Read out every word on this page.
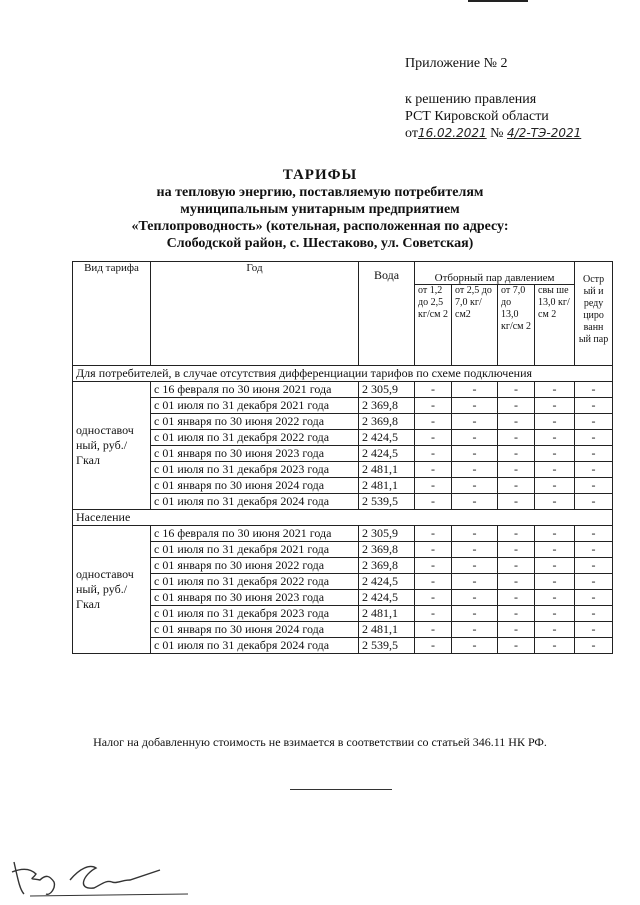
Приложение № 2
к решению правления
РСТ Кировской области
от16.02.2021 № 4/2-ТЭ-2021
ТАРИФЫ
на тепловую энергию, поставляемую потребителям
муниципальным унитарным предприятием
«Теплопроводность» (котельная, расположенная по адресу:
Слободской район, с. Шестаково, ул. Советская)
Вид тарифа	Год	Вода	Отборный пар давлением				Остр ый и реду циро ванн ый пар
			от 1,2 до 2,5 кг/см 2	от 2,5 до 7,0 кг/см2	от 7,0 до 13,0 кг/см 2	свы ше 13,0 кг/см 2	
Для потребителей, в случае отсутствия дифференциации тарифов по схеме подключения							
одноставоч ный, руб./Гкал	с 16 февраля по 30 июня 2021 года	2 305,9	-	-	-	-	-
	с 01 июля по 31 декабря 2021 года	2 369,8	-	-	-	-	-
	с 01 января по 30 июня 2022 года	2 369,8	-	-	-	-	-
	с 01 июля по 31 декабря 2022 года	2 424,5	-	-	-	-	-
	с 01 января по 30 июня 2023 года	2 424,5	-	-	-	-	-
	с 01 июля по 31 декабря 2023 года	2 481,1	-	-	-	-	-
	с 01 января по 30 июня 2024 года	2 481,1	-	-	-	-	-
	с 01 июля по 31 декабря 2024 года	2 539,5	-	-	-	-	-
Население							
одноставоч ный, руб./Гкал	с 16 февраля по 30 июня 2021 года	2 305,9	-	-	-	-	-
	с 01 июля по 31 декабря 2021 года	2 369,8	-	-	-	-	-
	с 01 января по 30 июня 2022 года	2 369,8	-	-	-	-	-
	с 01 июля по 31 декабря 2022 года	2 424,5	-	-	-	-	-
	с 01 января по 30 июня 2023 года	2 424,5	-	-	-	-	-
	с 01 июля по 31 декабря 2023 года	2 481,1	-	-	-	-	-
	с 01 января по 30 июня 2024 года	2 481,1	-	-	-	-	-
	с 01 июля по 31 декабря 2024 года	2 539,5	-	-	-	-	-
Налог на добавленную стоимость не взимается в соответствии со статьей 346.11 НК РФ.
